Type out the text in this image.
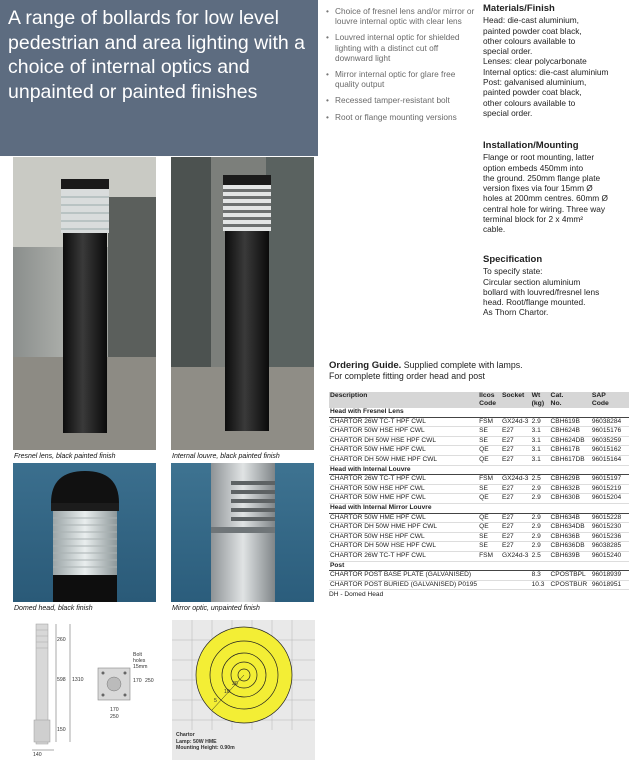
A range of bollards for low level pedestrian and area lighting with a choice of internal optics and unpainted or painted finishes
• Choice of fresnel lens and/or mirror or louvre internal optic with clear lens
• Louvred internal optic for shielded lighting with a distinct cut off downward light
• Mirror internal optic for glare free quality output
• Recessed tamper-resistant bolt
• Root or flange mounting versions
Materials/Finish

Head: die-cast aluminium,
painted powder coat black,
other colours available to
special order.
Lenses: clear polycarbonate
Internal optics: die-cast aluminium
Post: galvanised aluminium,
painted powder coat black,
other colours available to
special order.

Installation/Mounting

Flange or root mounting, latter
option embeds 450mm into
the ground. 250mm flange plate
version fixes via four 15mm Ø
holes at 200mm centres. 60mm Ø
central hole for wiring. Three way
terminal block for 2 x 4mm²
cable.

Specification

To specify state:
Circular section aluminium
bollard with louvred/fresnel lens
head. Root/flange mounted.
As Thorn Chartor.

Fresnel lens, black painted finish	Internal louvre, black painted finish
Domed head, black finish	Mirror optic, unpainted finish
260
598 1310
150
140
Bolt
holes
15mm
170 250
170
250
5
10
20
Chartor
Lamp: 50W HME
Mounting Height: 0.90m
Ordering Guide. Supplied complete with lamps.
For complete fitting order head and post
Description	Ilcos
Code	Socket	Wt
(kg)	Cat.
No.	SAP
Code
Head with Fresnel Lens					
CHARTOR 26W TC-T HPF CWL	FSM	GX24d-3	2.9	CBH619B	96038284
CHARTOR 50W HSE HPF CWL	SE	E27	3.1	CBH624B	96015176
CHARTOR DH 50W HSE HPF CWL	SE	E27	3.1	CBH624DB	96035259
CHARTOR 50W HME HPF CWL	QE	E27	3.1	CBH617B	96015162
CHARTOR DH 50W HME HPF CWL	QE	E27	3.1	CBH617DB	96015164
Head with Internal Louvre					
CHARTOR 26W TC-T HPF CWL	FSM	GX24d-3	2.5	CBH629B	96015197
CHARTOR 50W HSE HPF CWL	SE	E27	2.9	CBH632B	96015219
CHARTOR 50W HME HPF CWL	QE	E27	2.9	CBH630B	96015204
Head with Internal Mirror Louvre					
CHARTOR 50W HME HPF CWL	QE	E27	2.9	CBH634B	96015228
CHARTOR DH 50W HME HPF CWL	QE	E27	2.9	CBH634DB	96015230
CHARTOR 50W HSE HPF CWL	SE	E27	2.9	CBH636B	96015236
CHARTOR DH 50W HSE HPF CWL	SE	E27	2.9	CBH636DB	96038285
CHARTOR 26W TC-T HPF CWL	FSM	GX24d-3	2.5	CBH639B	96015240
Post					
CHARTOR POST BASE PLATE (GALVANISED)			8.3	CPOSTBPL	96018939
CHARTOR POST BURIED (GALVANISED) P0195			10.3	CPOSTBUR	96018951
DH - Domed Head
